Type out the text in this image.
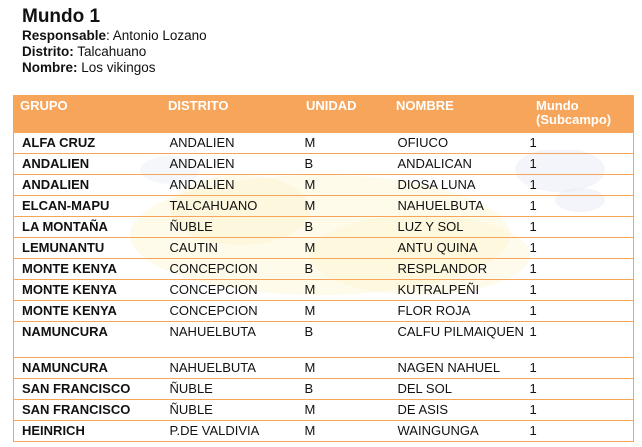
Mundo 1

Responsable: Antonio Lozano

Distrito: Talcahuano

Nombre: Los vikingos

GRUPO	DISTRITO	UNIDAD	NOMBRE	Mundo (Subcampo)
ALFA CRUZ	ANDALIEN	M	OFIUCO	1
ANDALIEN	ANDALIEN	B	ANDALICAN	1
ANDALIEN	ANDALIEN	M	DIOSA LUNA	1
ELCAN-MAPU	TALCAHUANO	M	NAHUELBUTA	1
LA MONTAÑA	ÑUBLE	B	LUZ Y SOL	1
LEMUNANTU	CAUTIN	M	ANTU QUINA	1
MONTE KENYA	CONCEPCION	B	RESPLANDOR	1
MONTE KENYA	CONCEPCION	M	KUTRALPEÑI	1
MONTE KENYA	CONCEPCION	M	FLOR ROJA	1
NAMUNCURA	NAHUELBUTA	B	CALFU PILMAIQUEN	1
NAMUNCURA	NAHUELBUTA	M	NAGEN NAHUEL	1
SAN FRANCISCO	ÑUBLE	B	DEL SOL	1
SAN FRANCISCO	ÑUBLE	M	DE ASIS	1
HEINRICH	P.DE VALDIVIA	M	WAINGUNGA	1
